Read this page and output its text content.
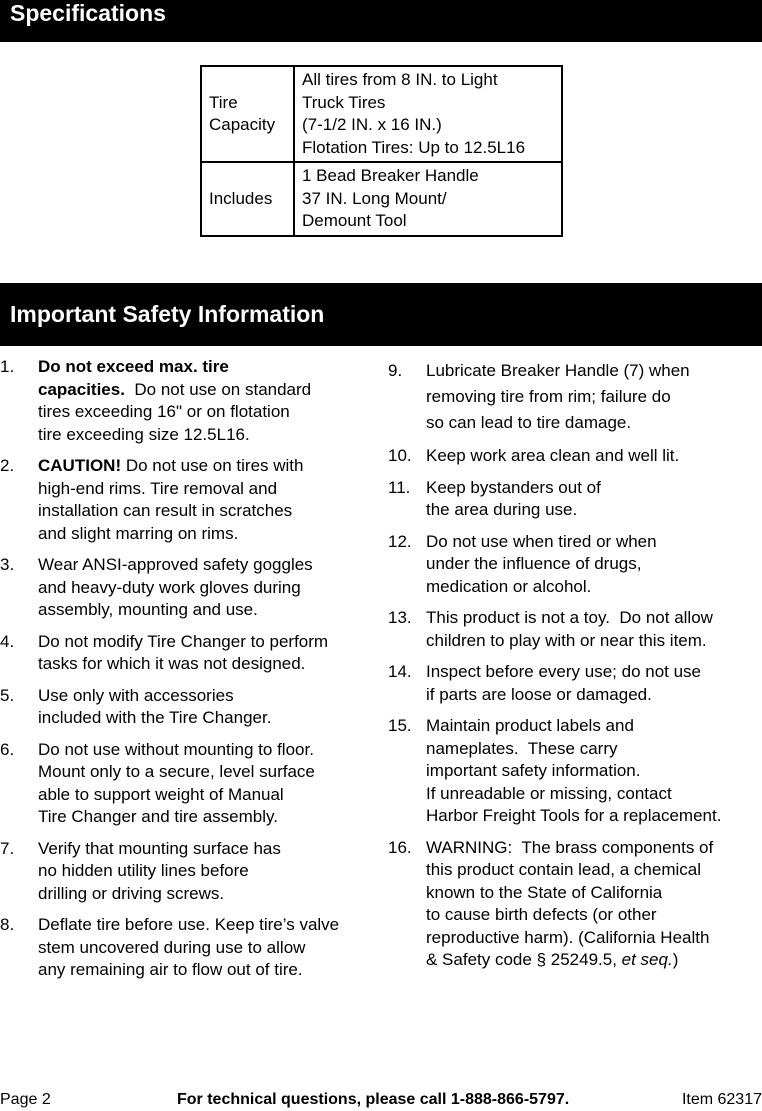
Specifications
Tire
Capacity	All tires from 8 IN. to Light
Truck Tires
(7-1/2 IN. x 16 IN.)
Flotation Tires: Up to 12.5L16

Includes	1 Bead Breaker Handle
37 IN. Long Mount/
Demount Tool
Important Safety Information
1. Do not exceed max. tire
capacities.  Do not use on standard
tires exceeding 16" or on flotation
tire exceeding size 12.5L16.
2. CAUTION! Do not use on tires with
high-end rims. Tire removal and
installation can result in scratches
and slight marring on rims.
3. Wear ANSI-approved safety goggles
and heavy-duty work gloves during
assembly, mounting and use.
4. Do not modify Tire Changer to perform
tasks for which it was not designed.
5. Use only with accessories
included with the Tire Changer.
6. Do not use without mounting to floor.
Mount only to a secure, level surface
able to support weight of Manual
Tire Changer and tire assembly.
7. Verify that mounting surface has
no hidden utility lines before
drilling or driving screws.
8. Deflate tire before use. Keep tire’s valve
stem uncovered during use to allow
any remaining air to flow out of tire.
9. Lubricate Breaker Handle (7) when
removing tire from rim; failure do
so can lead to tire damage.
10. Keep work area clean and well lit.
11. Keep bystanders out of
the area during use.
12. Do not use when tired or when
under the influence of drugs,
medication or alcohol.
13. This product is not a toy.  Do not allow
children to play with or near this item.
14. Inspect before every use; do not use
if parts are loose or damaged.
15. Maintain product labels and
nameplates.  These carry
important safety information.
If unreadable or missing, contact
Harbor Freight Tools for a replacement.
16. WARNING:  The brass components of
this product contain lead, a chemical
known to the State of California
to cause birth defects (or other
reproductive harm). (California Health
& Safety code § 25249.5, et seq.)
Page 2	For technical questions, please call 1-888-866-5797.	Item 62317
